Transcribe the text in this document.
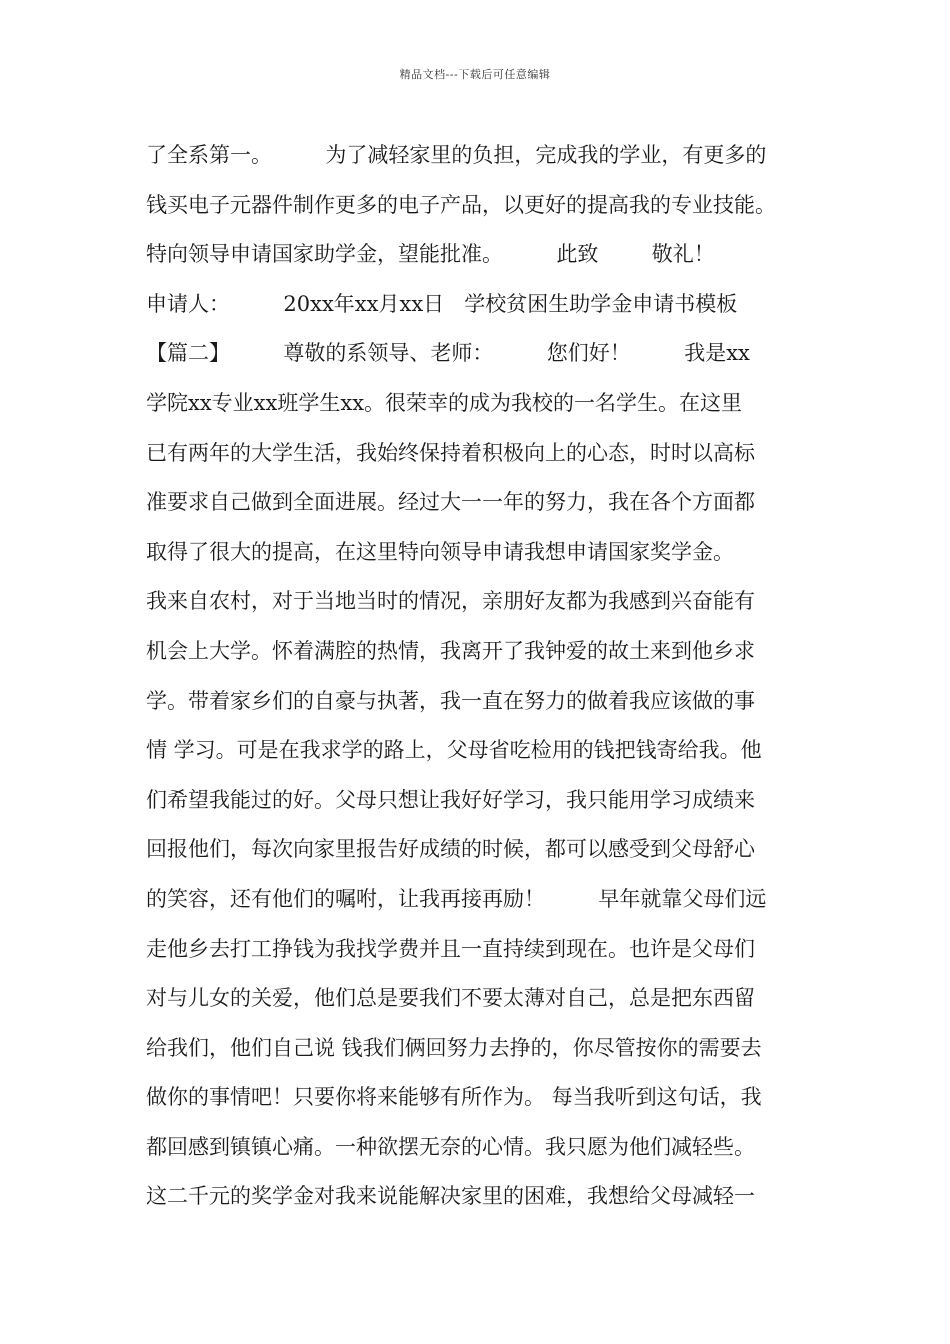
精品文档---下载后可任意编辑
了全系第一。        为了减轻家里的负担，完成我的学业，有更多的
钱买电子元器件制作更多的电子产品，以更好的提高我的专业技能。
特向领导申请国家助学金，望能批准。        此致        敬礼！
申请人：        20xx年xx月xx日   学校贫困生助学金申请书模板
【篇二】        尊敬的系领导、老师：        您们好！        我是xx
学院xx专业xx班学生xx。很荣幸的成为我校的一名学生。在这里
已有两年的大学生活，我始终保持着积极向上的心态，时时以高标
准要求自己做到全面进展。经过大一一年的努力，我在各个方面都
取得了很大的提高，在这里特向领导申请我想申请国家奖学金。
我来自农村，对于当地当时的情况，亲朋好友都为我感到兴奋能有
机会上大学。怀着满腔的热情，我离开了我钟爱的故土来到他乡求
学。带着家乡们的自豪与执著，我一直在努力的做着我应该做的事
情 学习。可是在我求学的路上，父母省吃检用的钱把钱寄给我。他
们希望我能过的好。父母只想让我好好学习，我只能用学习成绩来
回报他们，每次向家里报告好成绩的时候，都可以感受到父母舒心
的笑容，还有他们的嘱咐，让我再接再励！        早年就靠父母们远
走他乡去打工挣钱为我找学费并且一直持续到现在。也许是父母们
对与儿女的关爱，他们总是要我们不要太薄对自己，总是把东西留
给我们，他们自己说 钱我们俩回努力去挣的，你尽管按你的需要去
做你的事情吧！只要你将来能够有所作为。 每当我听到这句话，我
都回感到镇镇心痛。一种欲摆无奈的心情。我只愿为他们减轻些。
这二千元的奖学金对我来说能解决家里的困难，我想给父母减轻一
